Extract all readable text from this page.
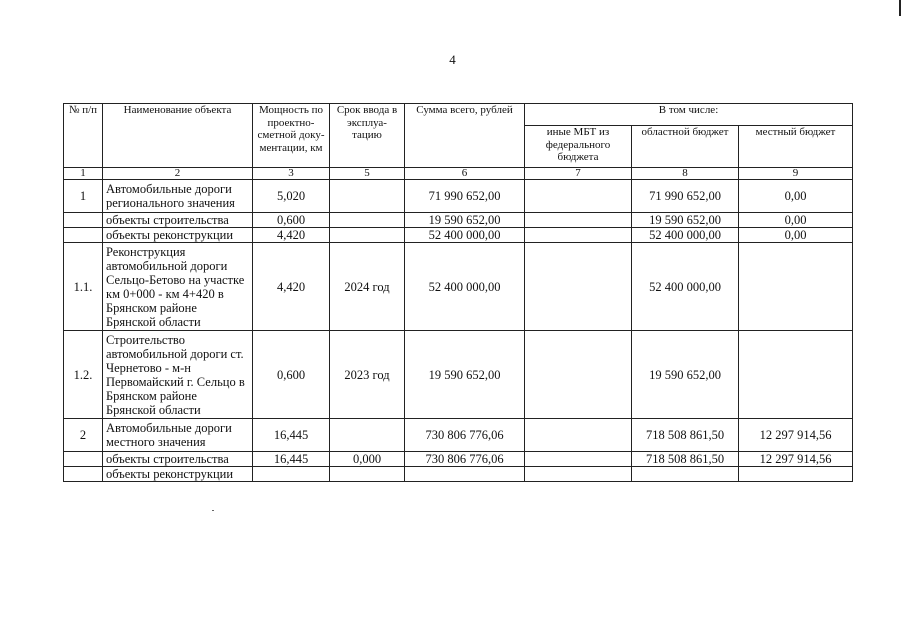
4
№ п/п	Наименование объекта	Мощность по проектно-сметной доку-ментации, км	Срок ввода в эксплуа-тацию	Сумма всего, рублей	В том числе:		
					иные МБТ из федерального бюджета	областной бюджет	местный бюджет
1	2	3	5	6	7	8	9
1	Автомобильные дороги регионального значения	5,020		71 990 652,00		71 990 652,00	0,00
	объекты строительства	0,600		19 590 652,00		19 590 652,00	0,00
	объекты реконструкции	4,420		52 400 000,00		52 400 000,00	0,00
1.1.	Реконструкция автомобильной дороги Сельцо-Бетово на участке км 0+000 - км 4+420 в Брянском районе Брянской области	4,420	2024 год	52 400 000,00		52 400 000,00	
1.2.	Строительство автомобильной дороги ст. Чернетово - м-н Первомайский г. Сельцо в Брянском районе Брянской области	0,600	2023 год	19 590 652,00		19 590 652,00	
2	Автомобильные дороги местного значения	16,445		730 806 776,06		718 508 861,50	12 297 914,56
	объекты строительства	16,445	0,000	730 806 776,06		718 508 861,50	12 297 914,56
	объекты реконструкции						
